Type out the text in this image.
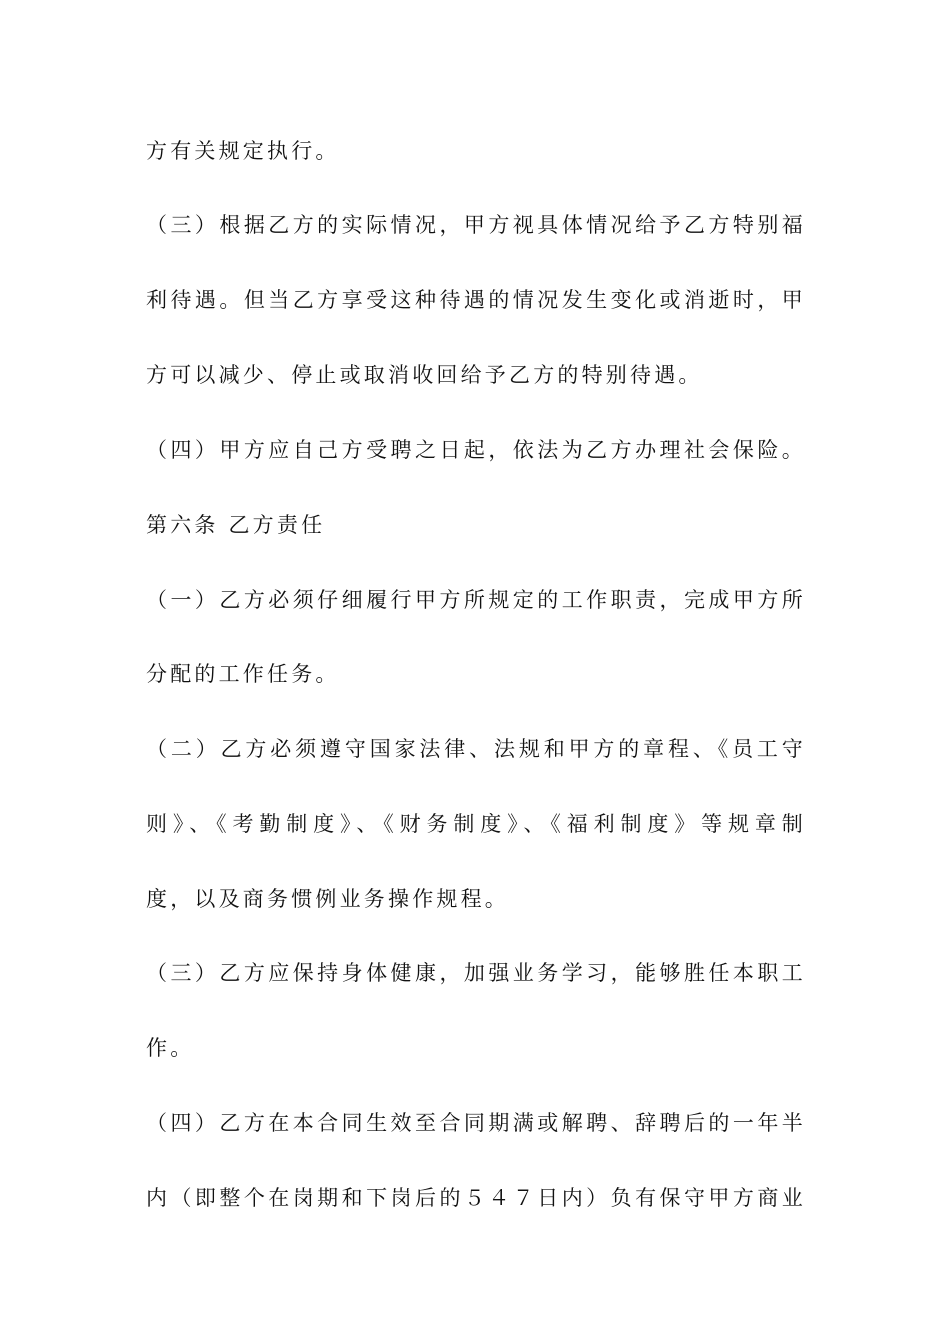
方有关规定执行。
（三）根据乙方的实际情况，甲方视具体情况给予乙方特别福
利待遇。但当乙方享受这种待遇的情况发生变化或消逝时，甲
方可以减少、停止或取消收回给予乙方的特别待遇。
（四）甲方应自己方受聘之日起，依法为乙方办理社会保险。
第六条 乙方责任
（一）乙方必须仔细履行甲方所规定的工作职责，完成甲方所
分配的工作任务。
（二）乙方必须遵守国家法律、法规和甲方的章程、《员工守
则》、《考勤制度》、《财务制度》、《福利制度》等规章制
度，以及商务惯例业务操作规程。
（三）乙方应保持身体健康，加强业务学习，能够胜任本职工
作。
（四）乙方在本合同生效至合同期满或解聘、辞聘后的一年半
内（即整个在岗期和下岗后的５４７日内）负有保守甲方商业
